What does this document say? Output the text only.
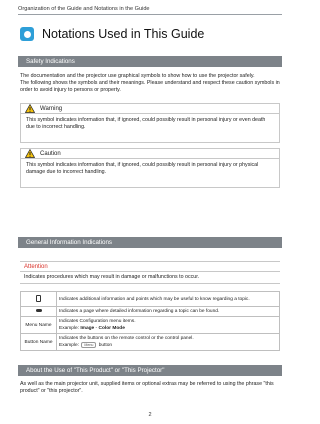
Organization of the Guide and Notations in the Guide
Notations Used in This Guide
Safety Indications
The documentation and the projector use graphical symbols to show how to use the projector safely.
The following shows the symbols and their meanings. Please understand and respect these caution symbols in order to avoid injury to persons or property.
Warning
This symbol indicates information that, if ignored, could possibly result in personal injury or even death due to incorrect handling.
Caution
This symbol indicates information that, if ignored, could possibly result in personal injury or physical damage due to incorrect handling.
General Information Indications
Attention
Indicates procedures which may result in damage or malfunctions to occur.
	Indicates additional information and points which may be useful to know regarding a topic.
	Indicates a page where detailed information regarding a topic can be found.
Menu Name	Indicates Configuration menu items.
Example: Image - Color Mode

Button Name	Indicates the buttons on the remote control or the control panel.
Example: Menu button
About the Use of "This Product" or "This Projector"
As well as the main projector unit, supplied items or optional extras may be referred to using the phrase "this product" or "this projector".
2
